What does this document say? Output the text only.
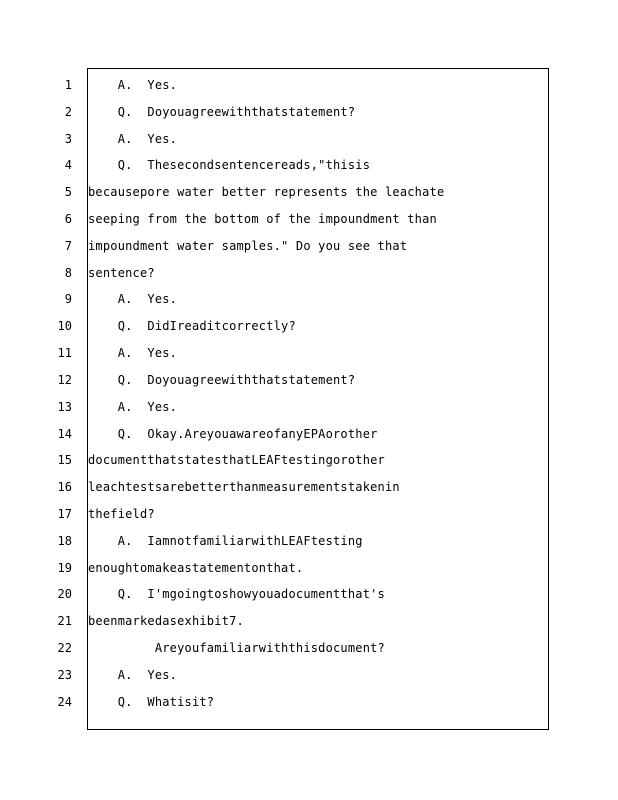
1
2
3
4
5
6
7
8
9
10
11
12
13
14
15
16
17
18
19
20
21
22
23
24
A.  Yes.
Q.  Doyouagreewiththatstatement?
A.  Yes.
Q.  Thesecondsentencereads,"thisis
becausepore water better represents the leachate
seeping from the bottom of the impoundment than
impoundment water samples." Do you see that
sentence?
A.  Yes.
Q.  DidIreaditcorrectly?
A.  Yes.
Q.  Doyouagreewiththatstatement?
A.  Yes.
Q.  Okay.AreyouawareofanyEPAorother
documentthatstatesthatLEAFtestingorother
leachtestsarebetterthanmeasurementstakenin
thefield?
A.  IamnotfamiliarwithLEAFtesting
enoughtomakeastatementonthat.
Q.  I'mgoingtoshowyouadocumentthat's
beenmarkedasexhibit7.
Areyoufamiliarwiththisdocument?
A.  Yes.
Q.  Whatisit?
